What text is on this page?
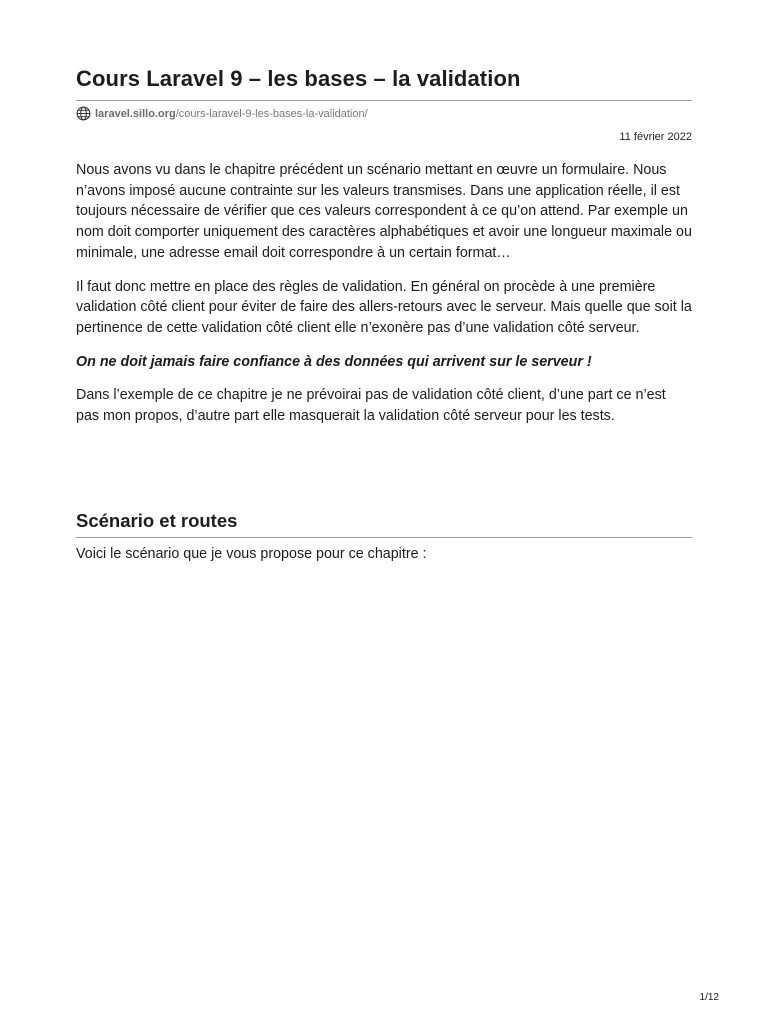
Cours Laravel 9 – les bases – la validation
laravel.sillo.org /cours-laravel-9-les-bases-la-validation/
11 février 2022

Nous avons vu dans le chapitre précédent un scénario mettant en œuvre un formulaire. Nous n’avons imposé aucune contrainte sur les valeurs transmises. Dans une application réelle, il est toujours nécessaire de vérifier que ces valeurs correspondent à ce qu’on attend. Par exemple un nom doit comporter uniquement des caractères alphabétiques et avoir une longueur maximale ou minimale, une adresse email doit correspondre à un certain format…

Il faut donc mettre en place des règles de validation. En général on procède à une première validation côté client pour éviter de faire des allers-retours avec le serveur. Mais quelle que soit la pertinence de cette validation côté client elle n’exonère pas d’une validation côté serveur.

On ne doit jamais faire confiance à des données qui arrivent sur le serveur !

Dans l’exemple de ce chapitre je ne prévoirai pas de validation côté client, d’une part ce n’est pas mon propos, d’autre part elle masquerait la validation côté serveur pour les tests.

Scénario et routes
Voici le scénario que je vous propose pour ce chapitre :
1/12
